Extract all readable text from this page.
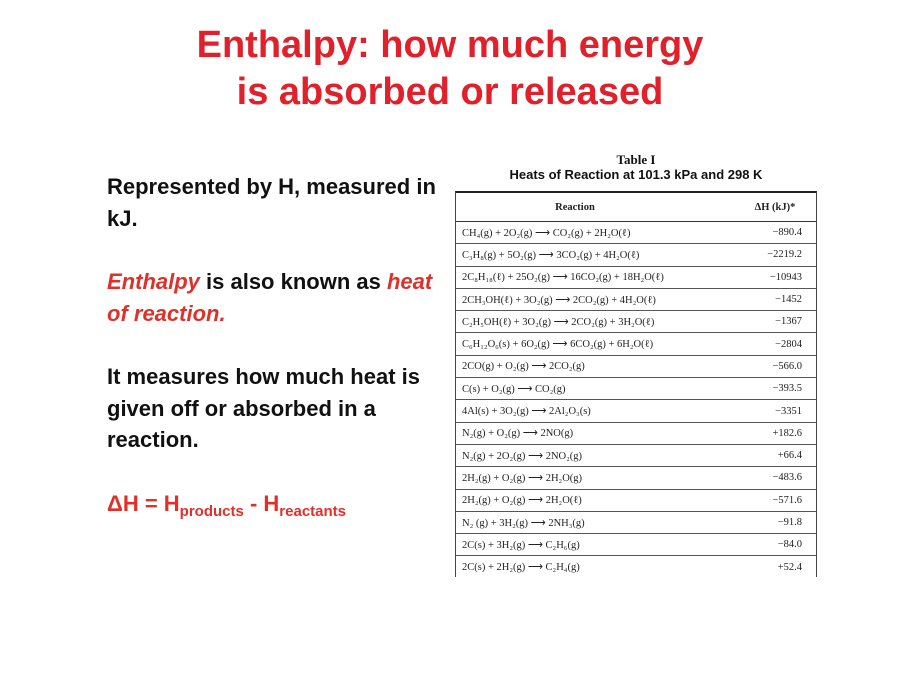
Enthalpy: how much energy
is absorbed or released

Represented by H, measured in kJ.

Enthalpy is also known as heat of reaction.

It measures how much heat is given off or absorbed in a reaction.

$\Delta H = H_{products} - H_{reactants}$

Table I
Heats of Reaction at 101.3 kPa and 298 K
Reaction	ΔH (kJ)*
CH₄(g) + 2O₂(g) ⟶ CO₂(g) + 2H₂O(ℓ)	−890.4
C₃H₈(g) + 5O₂(g) ⟶ 3CO₂(g) + 4H₂O(ℓ)	−2219.2
2C₈H₁₈(ℓ) + 25O₂(g) ⟶ 16CO₂(g) + 18H₂O(ℓ)	−10943
2CH₃OH(ℓ) + 3O₂(g) ⟶ 2CO₂(g) + 4H₂O(ℓ)	−1452
C₂H₅OH(ℓ) + 3O₂(g) ⟶ 2CO₂(g) + 3H₂O(ℓ)	−1367
C₆H₁₂O₆(s) + 6O₂(g) ⟶ 6CO₂(g) + 6H₂O(ℓ)	−2804
2CO(g) + O₂(g) ⟶ 2CO₂(g)	−566.0
C(s) + O₂(g) ⟶ CO₂(g)	−393.5
4Al(s) + 3O₂(g) ⟶ 2Al₂O₃(s)	−3351
N₂(g) + O₂(g) ⟶ 2NO(g)	+182.6
N₂(g) + 2O₂(g) ⟶ 2NO₂(g)	+66.4
2H₂(g) + O₂(g) ⟶ 2H₂O(g)	−483.6
2H₂(g) + O₂(g) ⟶ 2H₂O(ℓ)	−571.6
N₂ (g) + 3H₂(g) ⟶ 2NH₃(g)	−91.8
2C(s) + 3H₂(g) ⟶ C₂H₆(g)	−84.0
2C(s) + 2H₂(g) ⟶ C₂H₄(g)	+52.4
